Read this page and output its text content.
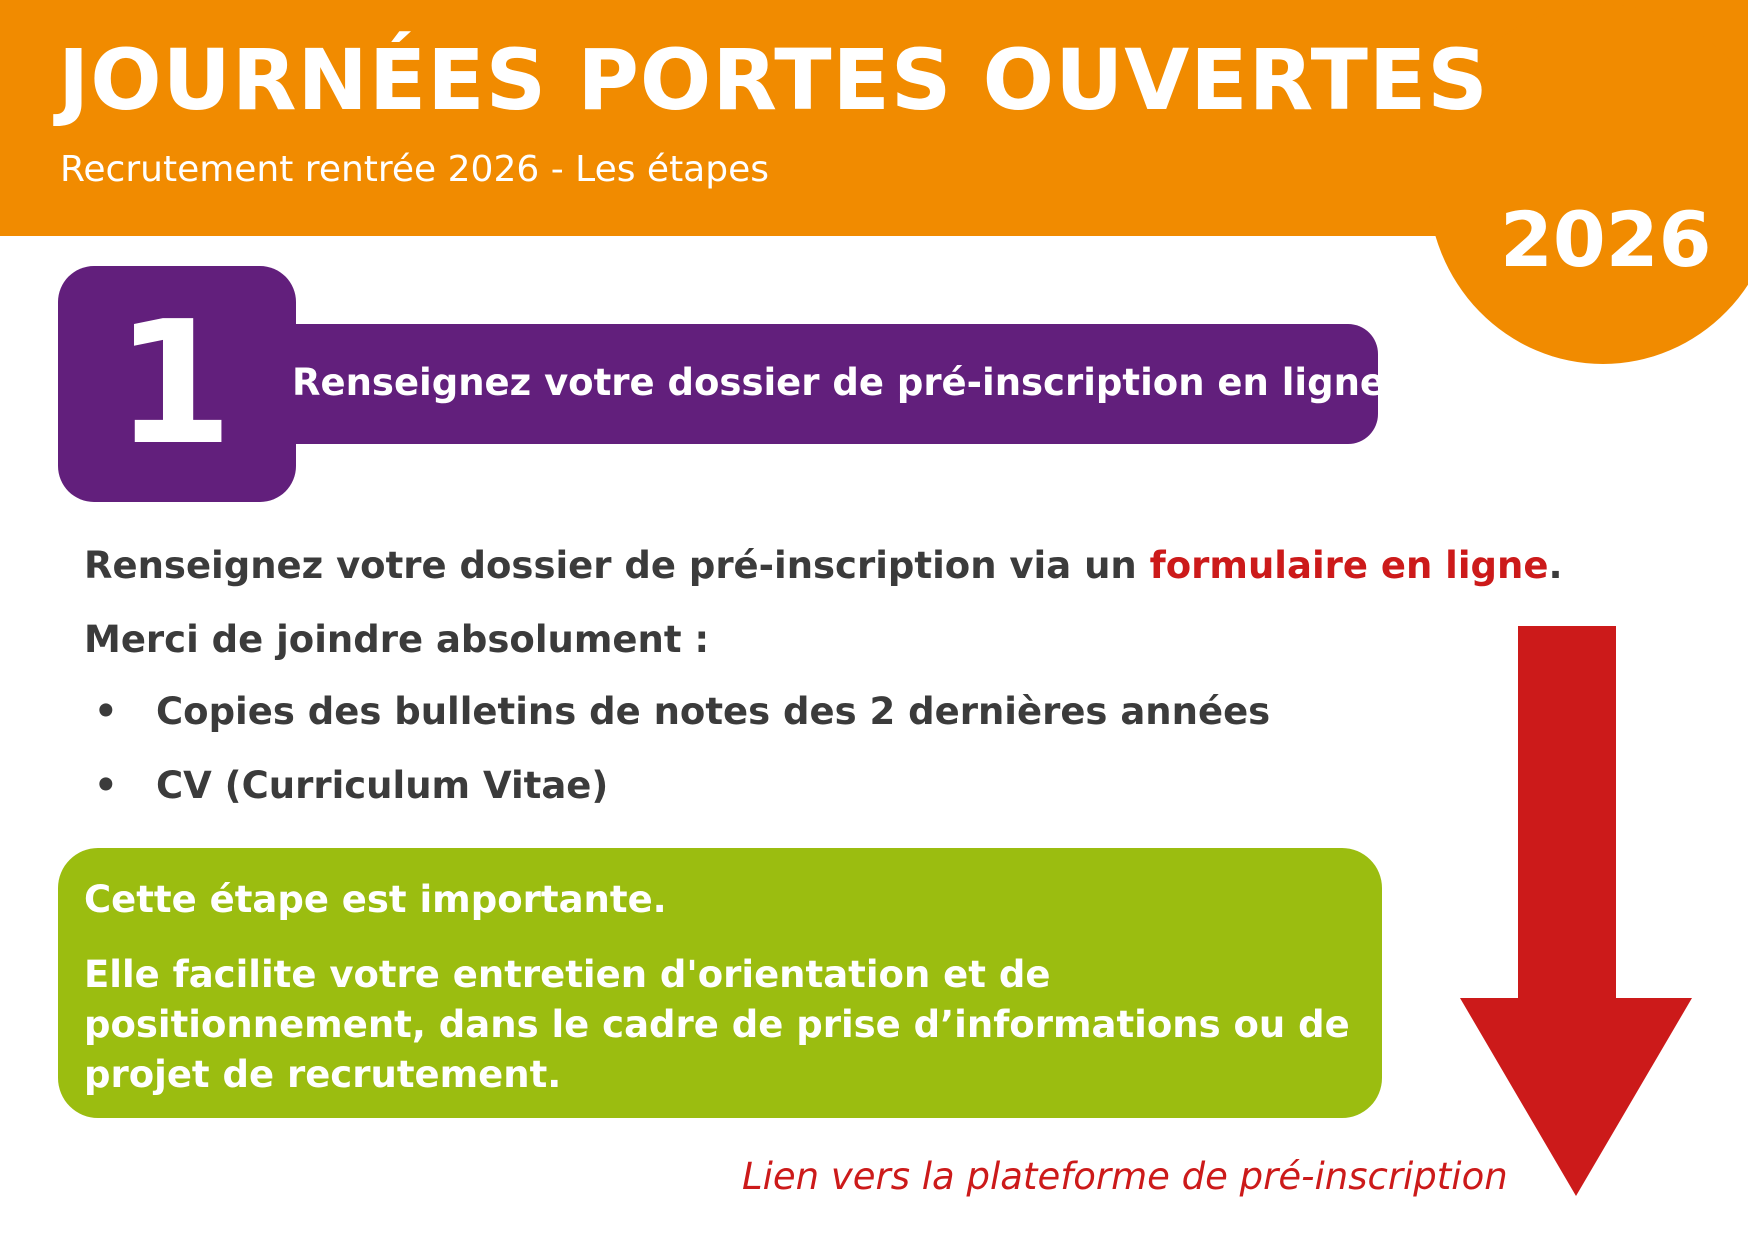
JOURNÉES PORTES OUVERTES
Recrutement rentrée 2026 - Les étapes
2026
1	Renseignez votre dossier de pré-inscription en ligne
Renseignez votre dossier de pré-inscription via un formulaire en ligne.
Merci de joindre absolument :
• Copies des bulletins de notes des 2 dernières années
• CV (Curriculum Vitae)
Cette étape est importante.
Elle facilite votre entretien d'orientation et de positionnement, dans le cadre de prise d’informations ou de projet de recrutement.
Lien vers la plateforme de pré-inscription
